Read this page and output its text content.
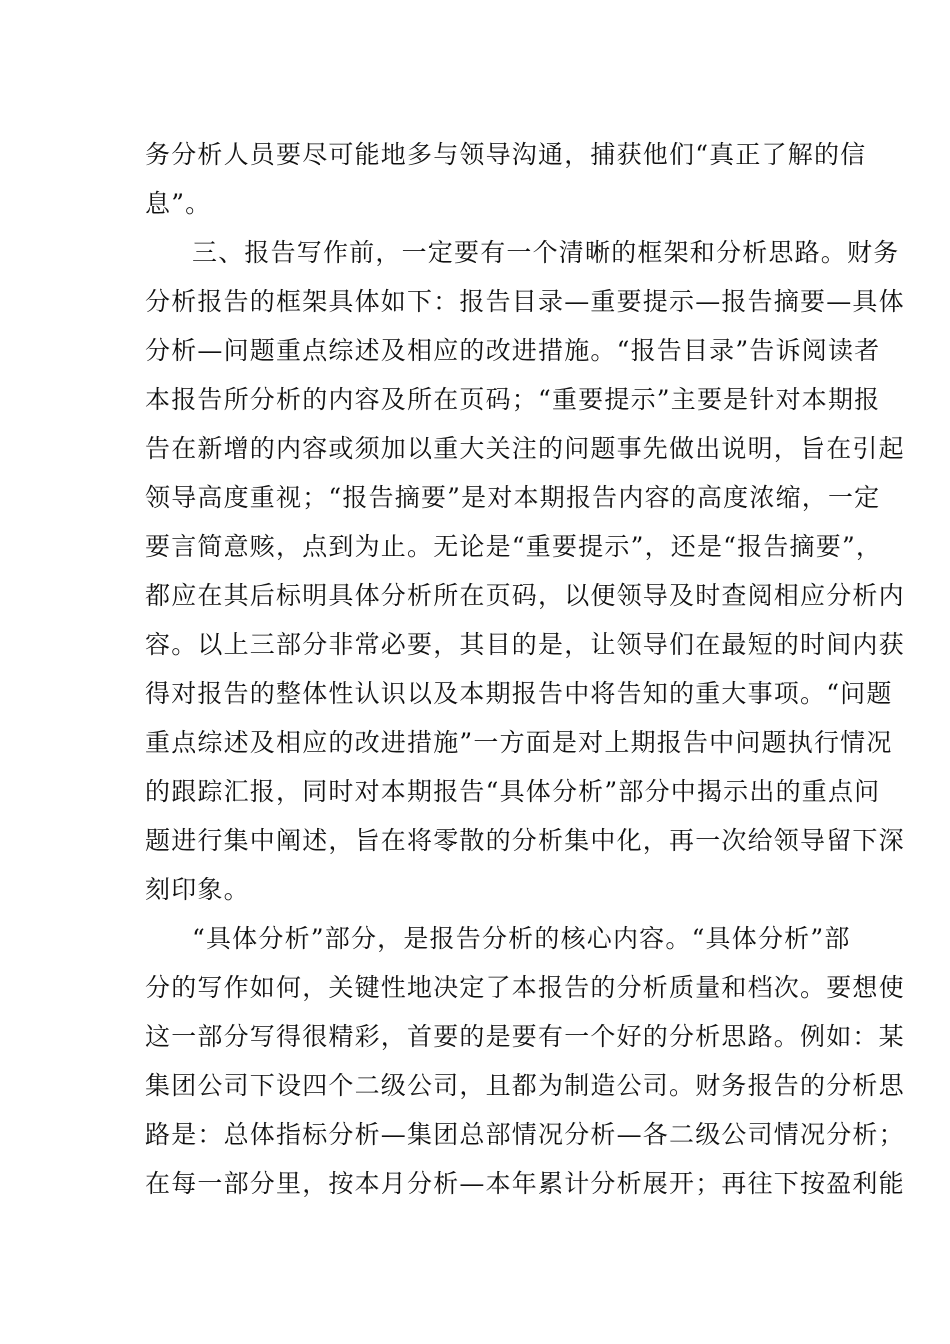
务分析人员要尽可能地多与领导沟通，捕获他们“真正了解的信
息”。
三、报告写作前，一定要有一个清晰的框架和分析思路。财务
分析报告的框架具体如下：报告目录—重要提示—报告摘要—具体
分析—问题重点综述及相应的改进措施。“报告目录”告诉阅读者
本报告所分析的内容及所在页码；“重要提示”主要是针对本期报
告在新增的内容或须加以重大关注的问题事先做出说明，旨在引起
领导高度重视；“报告摘要”是对本期报告内容的高度浓缩，一定
要言简意赅，点到为止。无论是“重要提示”，还是“报告摘要”，
都应在其后标明具体分析所在页码，以便领导及时查阅相应分析内
容。以上三部分非常必要，其目的是，让领导们在最短的时间内获
得对报告的整体性认识以及本期报告中将告知的重大事项。“问题
重点综述及相应的改进措施”一方面是对上期报告中问题执行情况
的跟踪汇报，同时对本期报告“具体分析”部分中揭示出的重点问
题进行集中阐述，旨在将零散的分析集中化，再一次给领导留下深
刻印象。
“具体分析”部分，是报告分析的核心内容。“具体分析”部
分的写作如何，关键性地决定了本报告的分析质量和档次。要想使
这一部分写得很精彩，首要的是要有一个好的分析思路。例如：某
集团公司下设四个二级公司，且都为制造公司。财务报告的分析思
路是：总体指标分析—集团总部情况分析—各二级公司情况分析；
在每一部分里，按本月分析—本年累计分析展开；再往下按盈利能
